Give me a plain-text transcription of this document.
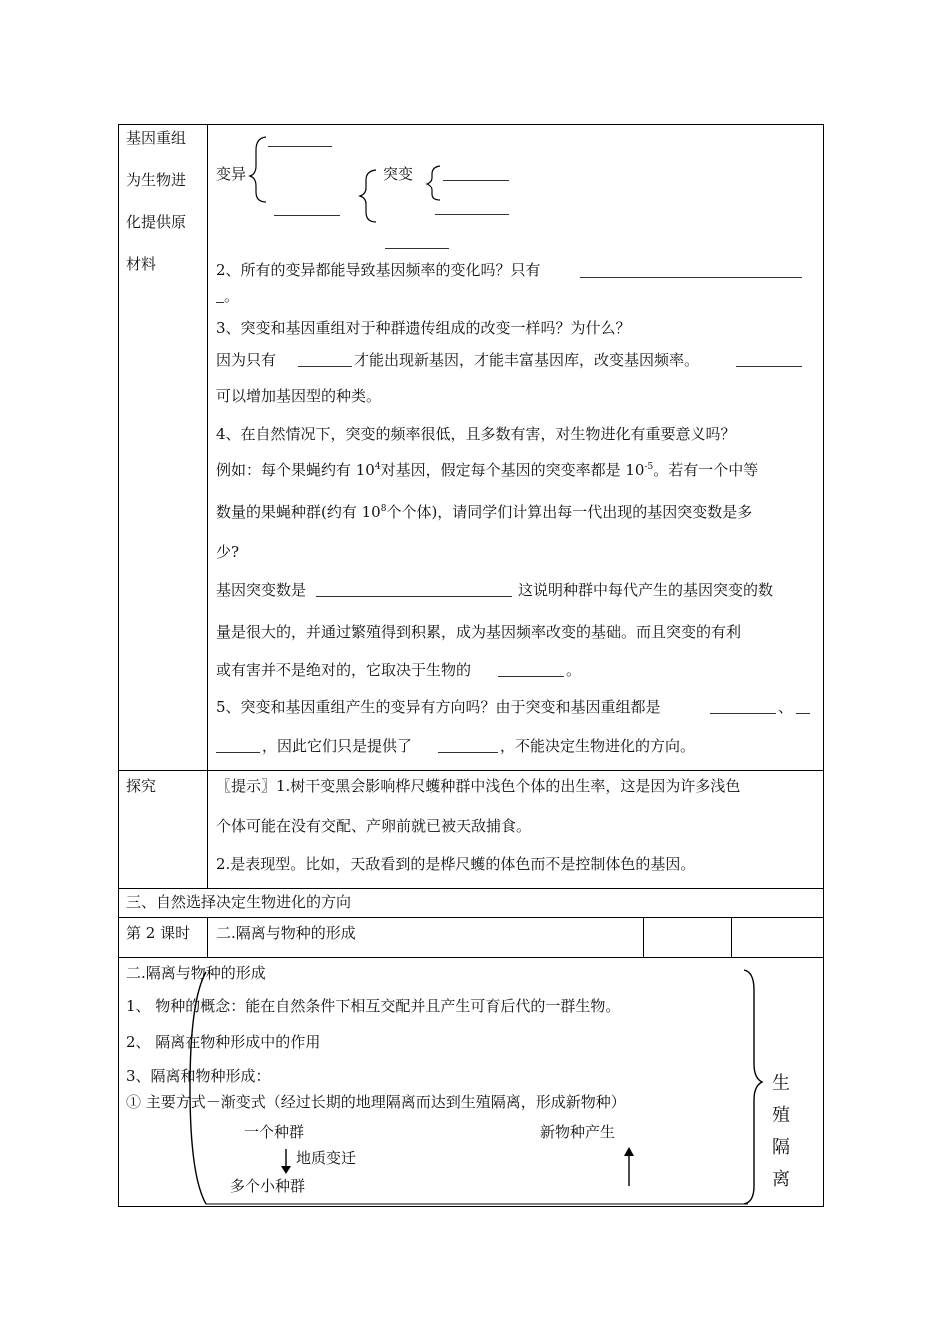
基因重组
为生物进
化提供原
材料
变异	突变
2、所有的变异都能导致基因频率的变化吗？只有
。
3、突变和基因重组对于种群遗传组成的改变一样吗？为什么？
因为只有	才能出现新基因，才能丰富基因库，改变基因频率。
可以增加基因型的种类。
4、在自然情况下，突变的频率很低，且多数有害，对生物进化有重要意义吗？
例如：每个果蝇约有 $10^4$对基因，假定每个基因的突变率都是 $10^{-5}$。若有一个中等
数量的果蝇种群(约有 $10^8$个个体)，请同学们计算出每一代出现的基因突变数是多
少?
基因突变数是	这说明种群中每代产生的基因突变的数
量是很大的，并通过繁殖得到积累，成为基因频率改变的基础。而且突变的有利
或有害并不是绝对的，它取决于生物的	。
5、突变和基因重组产生的变异有方向吗？由于突变和基因重组都是	、
，因此它们只是提供了	，不能决定生物进化的方向。
探究	〖提示〗1.树干变黑会影响桦尺蠖种群中浅色个体的出生率，这是因为许多浅色
个体可能在没有交配、产卵前就已被天敌捕食。
2.是表现型。比如，天敌看到的是桦尺蠖的体色而不是控制体色的基因。
三、自然选择决定生物进化的方向
第 2 课时 二.隔离与物种的形成
二.隔离与物种的形成
1、 物种的概念：能在自然条件下相互交配并且产生可育后代的一群生物。
2、 隔离在物种形成中的作用
3、隔离和物种形成：
① 主要方式－渐变式（经过长期的地理隔离而达到生殖隔离，形成新物种）
一个种群	新物种产生
地质变迁
多个小种群
生
殖
隔
离
